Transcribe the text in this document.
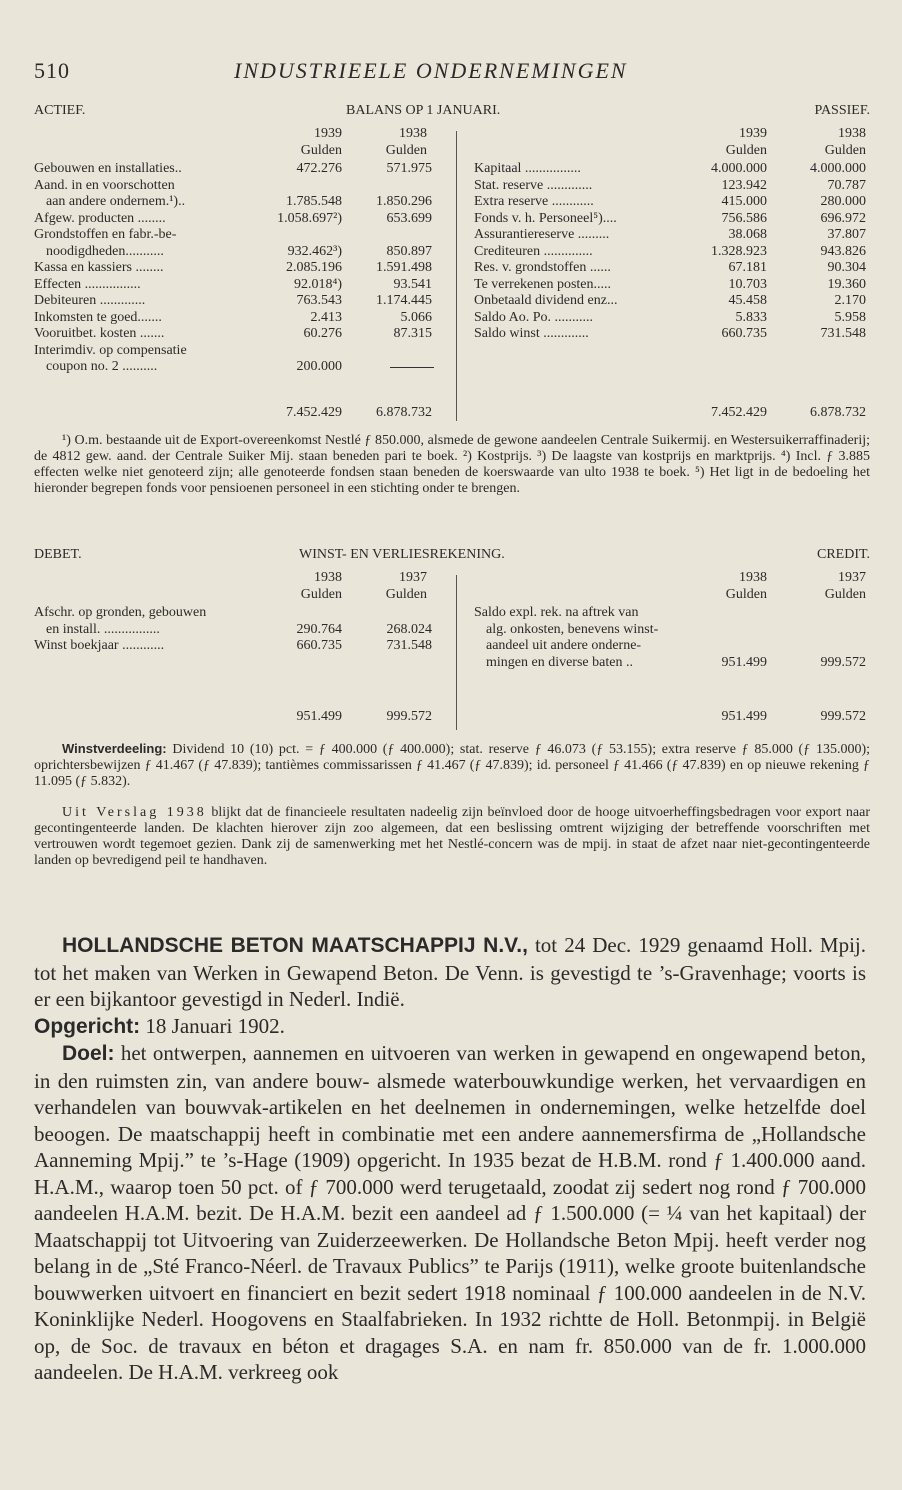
510	INDUSTRIEELE ONDERNEMINGEN
ACTIEF.	BALANS OP 1 JANUARI.	PASSIEF.
1939	1938	1939	1938
Gulden	Gulden	Gulden	Gulden
Gebouwen en installaties..	472.276	571.975
Aand. in en voorschotten
aan andere ondernem.¹)..	1.785.548	1.850.296
Afgew. producten ........	1.058.697²)	653.699
Grondstoffen en fabr.-be-
noodigdheden...........	932.462³)	850.897
Kassa en kassiers ........	2.085.196	1.591.498
Effecten ................	92.018⁴)	93.541
Debiteuren .............	763.543	1.174.445
Inkomsten te goed.......	2.413	5.066
Vooruitbet. kosten .......	60.276	87.315
Interimdiv. op compensatie
coupon no. 2 ..........	200.000
Kapitaal ................	4.000.000	4.000.000
Stat. reserve .............	123.942	70.787
Extra reserve ............	415.000	280.000
Fonds v. h. Personeel⁵)....	756.586	696.972
Assurantiereserve .........	38.068	37.807
Crediteuren ..............	1.328.923	943.826
Res. v. grondstoffen ......	67.181	90.304
Te verrekenen posten.....	10.703	19.360
Onbetaald dividend enz...	45.458	2.170
Saldo Ao. Po. ...........	5.833	5.958
Saldo winst .............	660.735	731.548
7.452.429	6.878.732	7.452.429	6.878.732

¹) O.m. bestaande uit de Export-overeenkomst Nestlé ƒ 850.000, alsmede de gewone aandeelen Centrale Suikermij. en Westersuikerraffinaderij; de 4812 gew. aand. der Centrale Suiker Mij. staan beneden pari te boek. ²) Kostprijs. ³) De laagste van kostprijs en marktprijs. ⁴) Incl. ƒ 3.885 effecten welke niet genoteerd zijn; alle genoteerde fondsen staan beneden de koerswaarde van ulto 1938 te boek. ⁵) Het ligt in de bedoeling het hieronder begrepen fonds voor pensioenen personeel in een stichting onder te brengen.

DEBET.	WINST- EN VERLIESREKENING.	CREDIT.
1938	1937	1938	1937
Gulden	Gulden	Gulden	Gulden
Afschr. op gronden, gebouwen
en install. ................	290.764	268.024
Winst boekjaar ............	660.735	731.548
Saldo expl. rek. na aftrek van
alg. onkosten, benevens winst-
aandeel uit andere onderne-
mingen en diverse baten ..	951.499	999.572
951.499	999.572	951.499	999.572

Winstverdeeling: Dividend 10 (10) pct. = ƒ 400.000 (ƒ 400.000); stat. reserve ƒ 46.073 (ƒ 53.155); extra reserve ƒ 85.000 (ƒ 135.000); oprichtersbewijzen ƒ 41.467 (ƒ 47.839); tantièmes commissarissen ƒ 41.467 (ƒ 47.839); id. personeel ƒ 41.466 (ƒ 47.839) en op nieuwe rekening ƒ 11.095 (ƒ 5.832).

Uit Verslag 1938 blijkt dat de financieele resultaten nadeelig zijn beïnvloed door de hooge uitvoerheffingsbedragen voor export naar gecontingenteerde landen. De klachten hierover zijn zoo algemeen, dat een beslissing omtrent wijziging der betreffende voorschriften met vertrouwen wordt tegemoet gezien. Dank zij de samenwerking met het Nestlé-concern was de mpij. in staat de afzet naar niet-gecontingenteerde landen op bevredigend peil te handhaven.

HOLLANDSCHE BETON MAATSCHAPPIJ N.V., tot 24 Dec. 1929 genaamd Holl. Mpij. tot het maken van Werken in Gewapend Beton. De Venn. is gevestigd te ’s-Gravenhage; voorts is er een bijkantoor gevestigd in Nederl. Indië.

Opgericht: 18 Januari 1902.

Doel: het ontwerpen, aannemen en uitvoeren van werken in gewapend en ongewapend beton, in den ruimsten zin, van andere bouw- alsmede waterbouwkundige werken, het vervaardigen en verhandelen van bouwvak-artikelen en het deelnemen in ondernemingen, welke hetzelfde doel beoogen. De maatschappij heeft in combinatie met een andere aannemersfirma de „Hollandsche Aanneming Mpij.” te ’s-Hage (1909) opgericht. In 1935 bezat de H.B.M. rond ƒ 1.400.000 aand. H.A.M., waarop toen 50 pct. of ƒ 700.000 werd terugetaald, zoodat zij sedert nog rond ƒ 700.000 aandeelen H.A.M. bezit. De H.A.M. bezit een aandeel ad ƒ 1.500.000 (= ¼ van het kapitaal) der Maatschappij tot Uitvoering van Zuiderzeewerken. De Hollandsche Beton Mpij. heeft verder nog belang in de „Sté Franco-Néerl. de Travaux Publics” te Parijs (1911), welke groote buitenlandsche bouwwerken uitvoert en financiert en bezit sedert 1918 nominaal ƒ 100.000 aandeelen in de N.V. Koninklijke Nederl. Hoogovens en Staalfabrieken. In 1932 richtte de Holl. Betonmpij. in België op, de Soc. de travaux en béton et dragages S.A. en nam fr. 850.000 van de fr. 1.000.000 aandeelen. De H.A.M. verkreeg ook
